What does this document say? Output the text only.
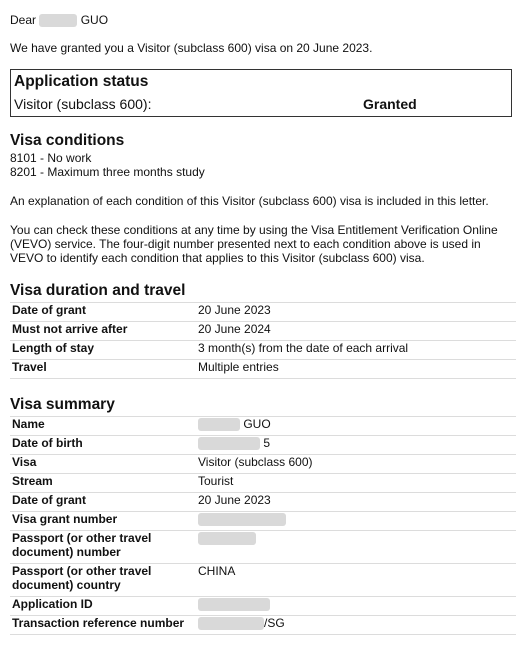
Dear	GUO
We have granted you a Visitor (subclass 600) visa on 20 June 2023.
Application status
Visitor (subclass 600):	Granted
Visa conditions
8101 - No work
8201 - Maximum three months study
An explanation of each condition of this Visitor (subclass 600) visa is included in this letter.
You can check these conditions at any time by using the Visa Entitlement Verification Online
(VEVO) service. The four-digit number presented next to each condition above is used in
VEVO to identify each condition that applies to this Visitor (subclass 600) visa.
Visa duration and travel
Date of grant	20 June 2023
Must not arrive after	20 June 2024
Length of stay	3 month(s) from the date of each arrival
Travel	Multiple entries
Visa summary
Name	GUO
Date of birth	5
Visa	Visitor (subclass 600)
Stream	Tourist
Date of grant	20 June 2023
Visa grant number	
Passport (or other travel document) number	
Passport (or other travel document) country	CHINA
Application ID	
Transaction reference number	/SG
